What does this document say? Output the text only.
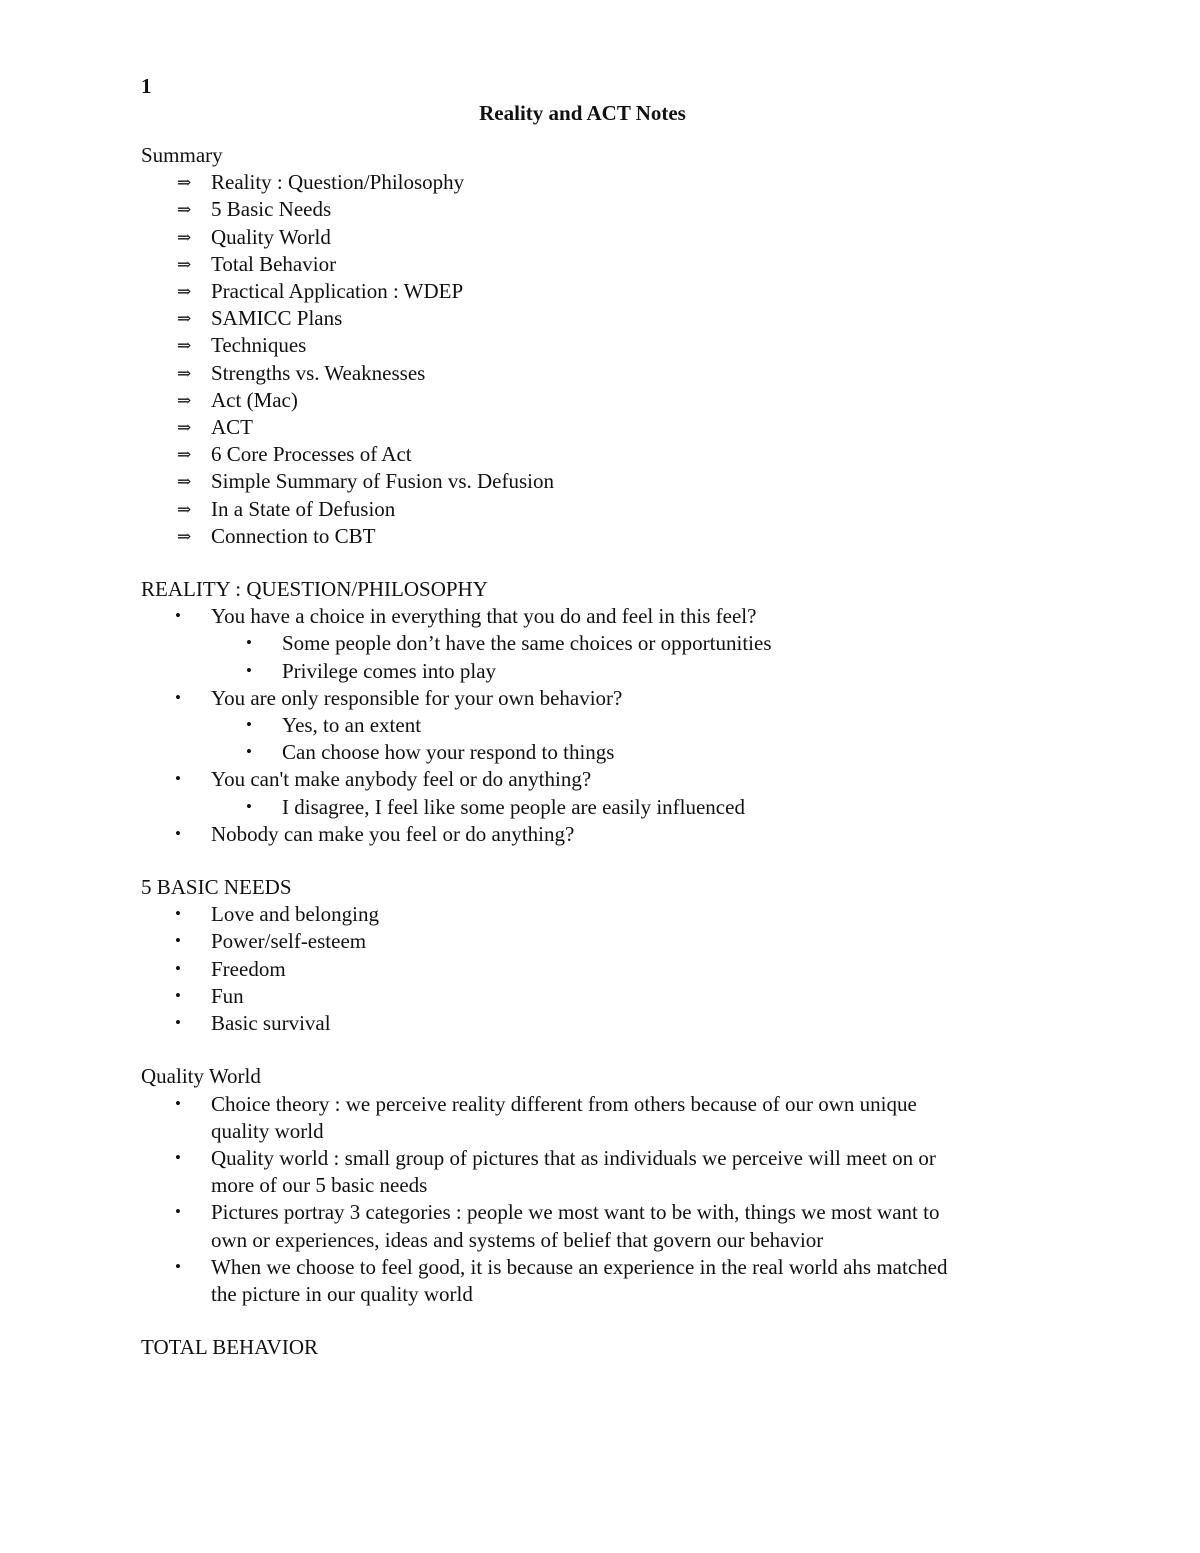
1
Reality and ACT Notes
Summary
⇒ Reality : Question/Philosophy
⇒ 5 Basic Needs
⇒ Quality World
⇒ Total Behavior
⇒ Practical Application : WDEP
⇒ SAMICC Plans
⇒ Techniques
⇒ Strengths vs. Weaknesses
⇒ Act (Mac)
⇒ ACT
⇒ 6 Core Processes of Act
⇒ Simple Summary of Fusion vs. Defusion
⇒ In a State of Defusion
⇒ Connection to CBT
REALITY : QUESTION/PHILOSOPHY
• You have a choice in everything that you do and feel in this feel?
• Some people don’t have the same choices or opportunities
• Privilege comes into play
• You are only responsible for your own behavior?
• Yes, to an extent
• Can choose how your respond to things
• You can't make anybody feel or do anything?
• I disagree, I feel like some people are easily influenced
• Nobody can make you feel or do anything?
5 BASIC NEEDS
• Love and belonging
• Power/self-esteem
• Freedom
• Fun
• Basic survival
Quality World
• Choice theory : we perceive reality different from others because of our own unique
quality world
• Quality world : small group of pictures that as individuals we perceive will meet on or
more of our 5 basic needs
• Pictures portray 3 categories : people we most want to be with, things we most want to
own or experiences, ideas and systems of belief that govern our behavior
• When we choose to feel good, it is because an experience in the real world ahs matched
the picture in our quality world
TOTAL BEHAVIOR
